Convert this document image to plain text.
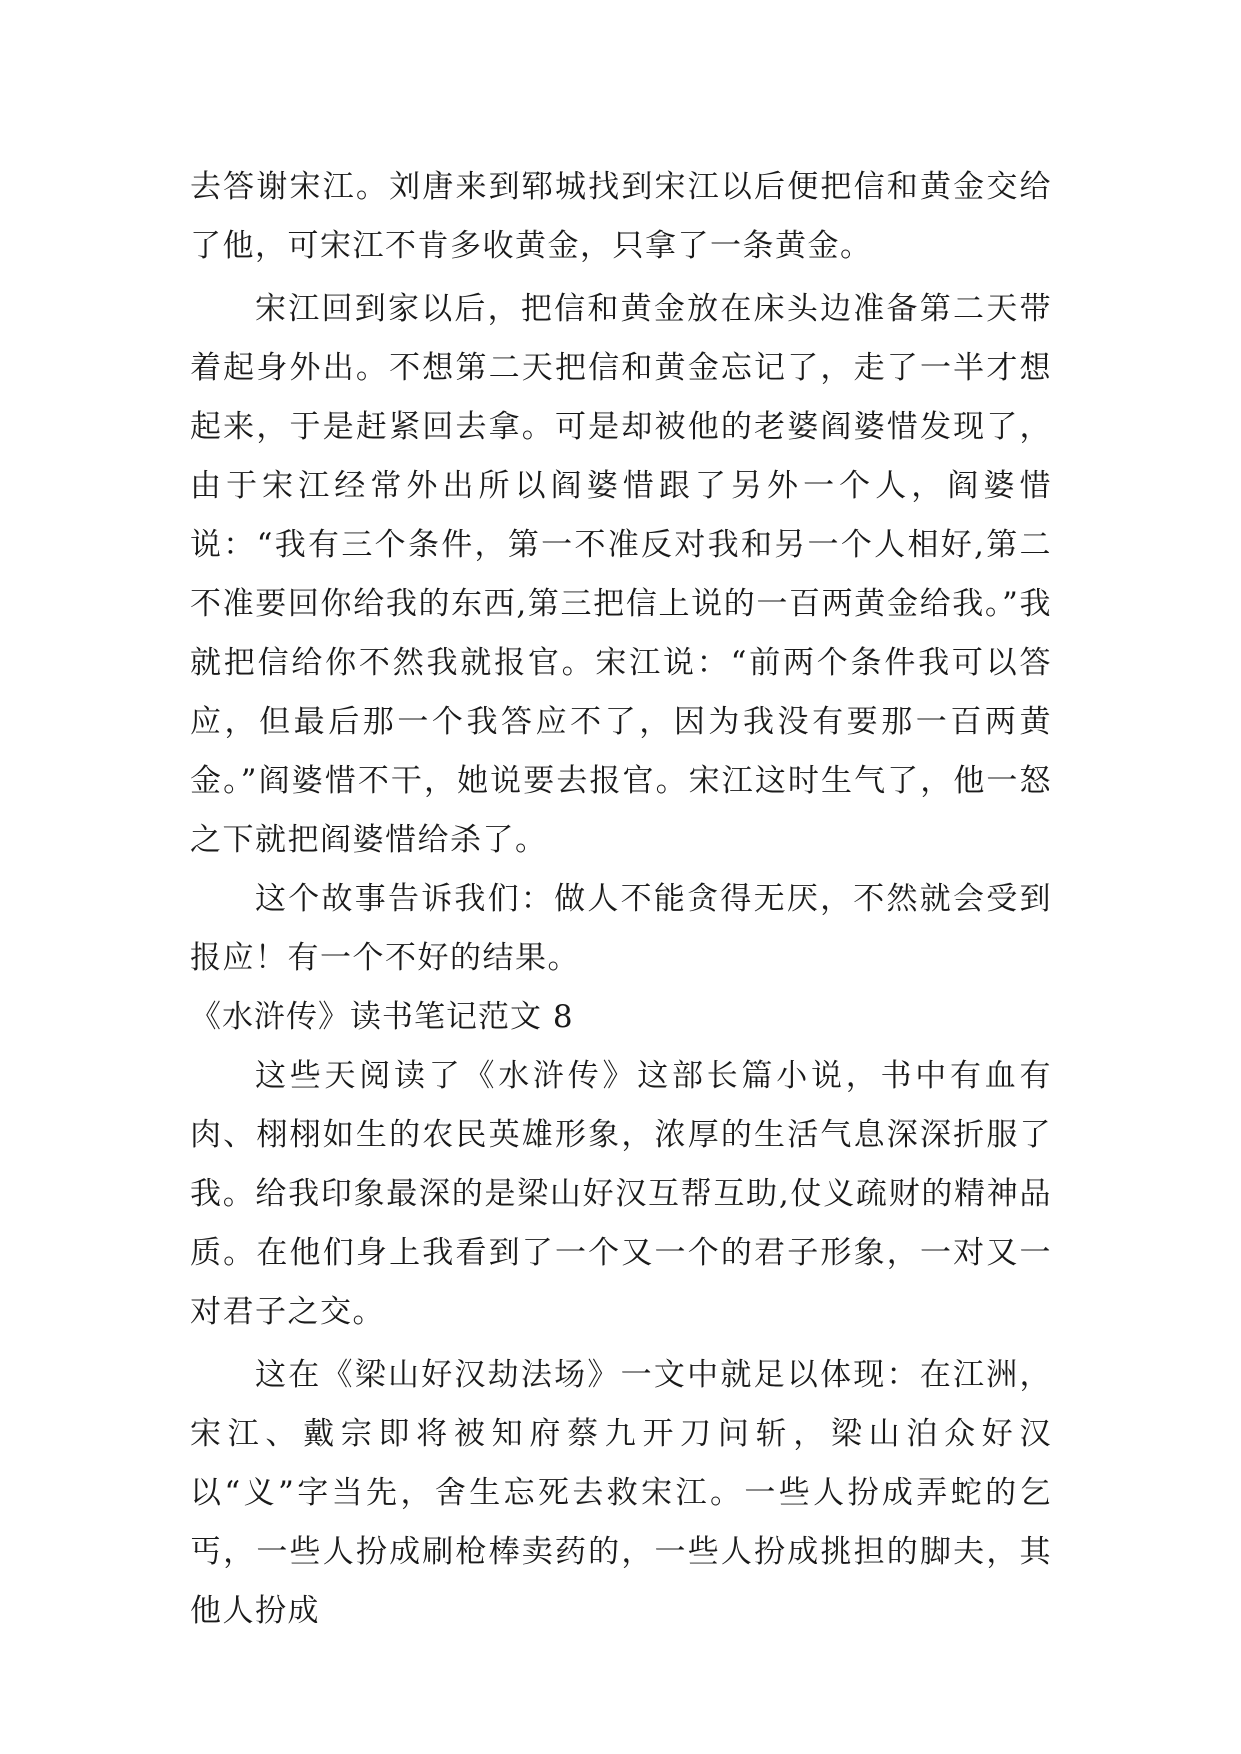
去答谢宋江。刘唐来到郓城找到宋江以后便把信和黄金交给了他，可宋江不肯多收黄金，只拿了一条黄金。

宋江回到家以后，把信和黄金放在床头边准备第二天带着起身外出。不想第二天把信和黄金忘记了，走了一半才想起来，于是赶紧回去拿。可是却被他的老婆阎婆惜发现了，由于宋江经常外出所以阎婆惜跟了另外一个人，阎婆惜说：“我有三个条件，第一不准反对我和另一个人相好,第二不准要回你给我的东西,第三把信上说的一百两黄金给我。”我就把信给你不然我就报官。宋江说：“前两个条件我可以答应，但最后那一个我答应不了，因为我没有要那一百两黄金。”阎婆惜不干，她说要去报官。宋江这时生气了，他一怒之下就把阎婆惜给杀了。

这个故事告诉我们：做人不能贪得无厌，不然就会受到报应！有一个不好的结果。

《水浒传》读书笔记范文 8

这些天阅读了《水浒传》这部长篇小说，书中有血有肉、栩栩如生的农民英雄形象，浓厚的生活气息深深折服了我。给我印象最深的是梁山好汉互帮互助,仗义疏财的精神品质。在他们身上我看到了一个又一个的君子形象，一对又一对君子之交。

这在《梁山好汉劫法场》一文中就足以体现：在江洲，宋江、戴宗即将被知府蔡九开刀问斩，梁山泊众好汉以“义”字当先，舍生忘死去救宋江。一些人扮成弄蛇的乞丐，一些人扮成刷枪棒卖药的，一些人扮成挑担的脚夫，其他人扮成
